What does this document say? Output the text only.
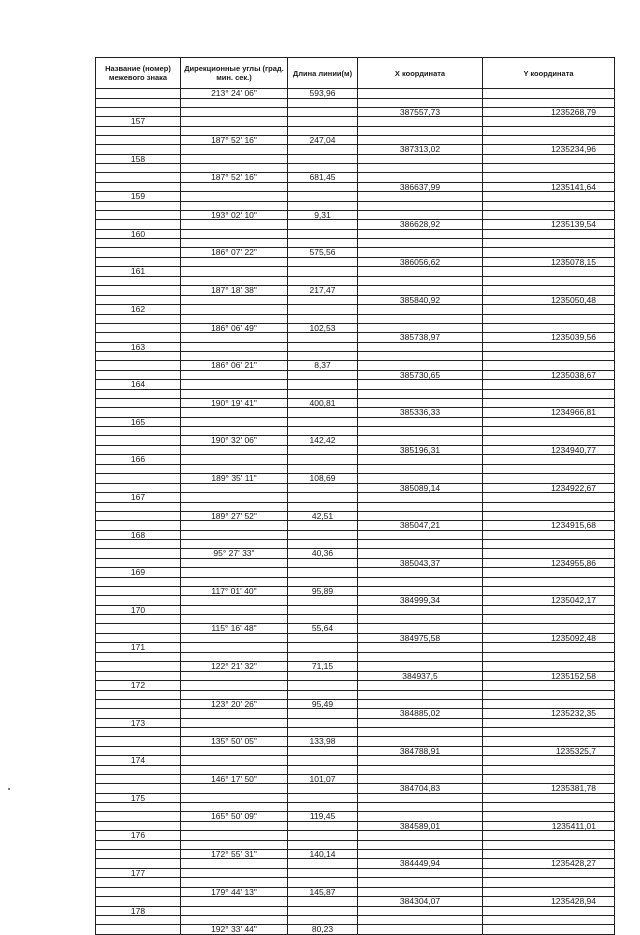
Название (номер) межевого знака	Дирекционные углы (град. мин. сек.)	Длина линии(м)	X координата	Y координата
	213° 24' 06"	593,96		

			387557,73	1235268,79
157				

	187° 52' 16"	247,04		
			387313,02	1235234,96
158				

	187° 52' 16"	681,45		
			386637,99	1235141,64
159				

	193° 02' 10"	9,31		
			386628,92	1235139,54
160				

	186° 07' 22"	575,56		
			386056,62	1235078,15
161				

	187° 18' 38"	217,47		
			385840,92	1235050,48
162				

	186° 06' 49"	102,53		
			385738,97	1235039,56
163				

	186° 06' 21"	8,37		
			385730,65	1235038,67
164				

	190° 19' 41"	400,81		
			385336,33	1234966,81
165				

	190° 32' 06"	142,42		
			385196,31	1234940,77
166				

	189° 35' 11"	108,69		
			385089,14	1234922,67
167				

	189° 27' 52"	42,51		
			385047,21	1234915,68
168				

	95° 27' 33"	40,36		
			385043,37	1234955,86
169				

	117° 01' 40"	95,89		
			384999,34	1235042,17
170				

	115° 16' 48"	55,64		
			384975,58	1235092,48
171				

	122° 21' 32"	71,15		
			384937,5	1235152,58
172				

	123° 20' 26"	95,49		
			384885,02	1235232,35
173				

	135° 50' 05"	133,98		
			384788,91	1235325,7
174				

	146° 17' 50"	101,07		
			384704,83	1235381,78
175				

	165° 50' 09"	119,45		
			384589,01	1235411,01
176				

	172° 55' 31"	140,14		
			384449,94	1235428,27
177				

	179° 44' 13"	145,87		
			384304,07	1235428,94
178				

	192° 33' 44"	80,23		
